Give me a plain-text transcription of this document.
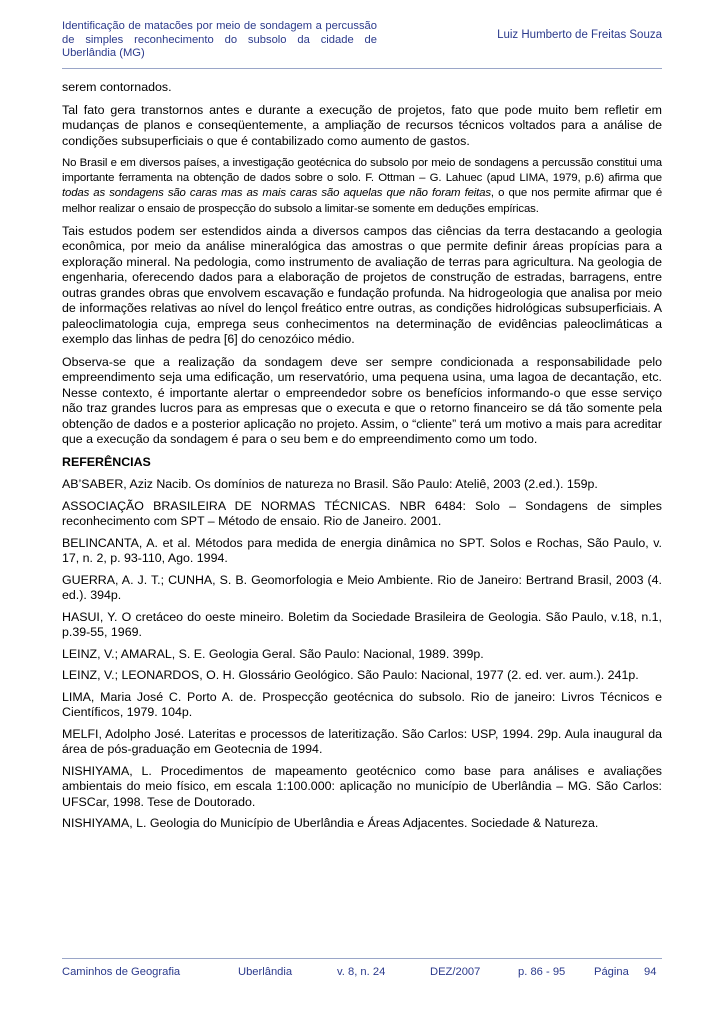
Identificação de matacões por meio de sondagem a percussão de simples reconhecimento do subsolo da cidade de Uberlândia (MG)
Luiz Humberto de Freitas Souza

serem contornados.

Tal fato gera transtornos antes e durante a execução de projetos, fato que pode muito bem refletir em mudanças de planos e conseqüentemente, a ampliação de recursos técnicos voltados para a análise de condições subsuperficiais o que é contabilizado como aumento de gastos.

No Brasil e em diversos países, a investigação geotécnica do subsolo por meio de sondagens a percussão constitui uma importante ferramenta na obtenção de dados sobre o solo. F. Ottman – G. Lahuec (apud LIMA, 1979, p.6) afirma que todas as sondagens são caras mas as mais caras são aquelas que não foram feitas, o que nos permite afirmar que é melhor realizar o ensaio de prospecção do subsolo a limitar-se somente em deduções empíricas.

Tais estudos podem ser estendidos ainda a diversos campos das ciências da terra destacando a geologia econômica, por meio da análise mineralógica das amostras o que permite definir áreas propícias para a exploração mineral. Na pedologia, como instrumento de avaliação de terras para agricultura. Na geologia de engenharia, oferecendo dados para a elaboração de projetos de construção de estradas, barragens, entre outras grandes obras que envolvem escavação e fundação profunda. Na hidrogeologia que analisa por meio de informações relativas ao nível do lençol freático entre outras, as condições hidrológicas subsuperficiais. A paleoclimatologia cuja, emprega seus conhecimentos na determinação de evidências paleoclimáticas a exemplo das linhas de pedra [6] do cenozóico médio.

Observa-se que a realização da sondagem deve ser sempre condicionada a responsabilidade pelo empreendimento seja uma edificação, um reservatório, uma pequena usina, uma lagoa de decantação, etc. Nesse contexto, é importante alertar o empreendedor sobre os benefícios informando-o que esse serviço não traz grandes lucros para as empresas que o executa e que o retorno financeiro se dá tão somente pela obtenção de dados e a posterior aplicação no projeto. Assim, o “cliente” terá um motivo a mais para acreditar que a execução da sondagem é para o seu bem e do empreendimento como um todo.

REFERÊNCIAS
AB’SABER, Aziz Nacib. Os domínios de natureza no Brasil. São Paulo: Ateliê, 2003 (2.ed.). 159p.
ASSOCIAÇÃO BRASILEIRA DE NORMAS TÉCNICAS. NBR 6484: Solo – Sondagens de simples reconhecimento com SPT – Método de ensaio. Rio de Janeiro. 2001.
BELINCANTA, A. et al. Métodos para medida de energia dinâmica no SPT. Solos e Rochas, São Paulo, v. 17, n. 2, p. 93-110, Ago. 1994.
GUERRA, A. J. T.; CUNHA, S. B. Geomorfologia e Meio Ambiente. Rio de Janeiro: Bertrand Brasil, 2003 (4. ed.). 394p.
HASUI, Y. O cretáceo do oeste mineiro. Boletim da Sociedade Brasileira de Geologia. São Paulo, v.18, n.1, p.39-55, 1969.
LEINZ, V.; AMARAL, S. E. Geologia Geral. São Paulo: Nacional, 1989. 399p.
LEINZ, V.; LEONARDOS, O. H. Glossário Geológico. São Paulo: Nacional, 1977 (2. ed. ver. aum.). 241p.
LIMA, Maria José C. Porto A. de. Prospecção geotécnica do subsolo. Rio de janeiro: Livros Técnicos e Científicos, 1979. 104p.
MELFI, Adolpho José. Lateritas e processos de lateritização. São Carlos: USP, 1994. 29p. Aula inaugural da área de pós-graduação em Geotecnia de 1994.
NISHIYAMA, L. Procedimentos de mapeamento geotécnico como base para análises e avaliações ambientais do meio físico, em escala 1:100.000: aplicação no município de Uberlândia – MG. São Carlos: UFSCar, 1998. Tese de Doutorado.
NISHIYAMA, L. Geologia do Município de Uberlândia e Áreas Adjacentes. Sociedade & Natureza.
Caminhos de Geografia	Uberlândia	v. 8, n. 24	DEZ/2007	p. 86 - 95	Página 94
